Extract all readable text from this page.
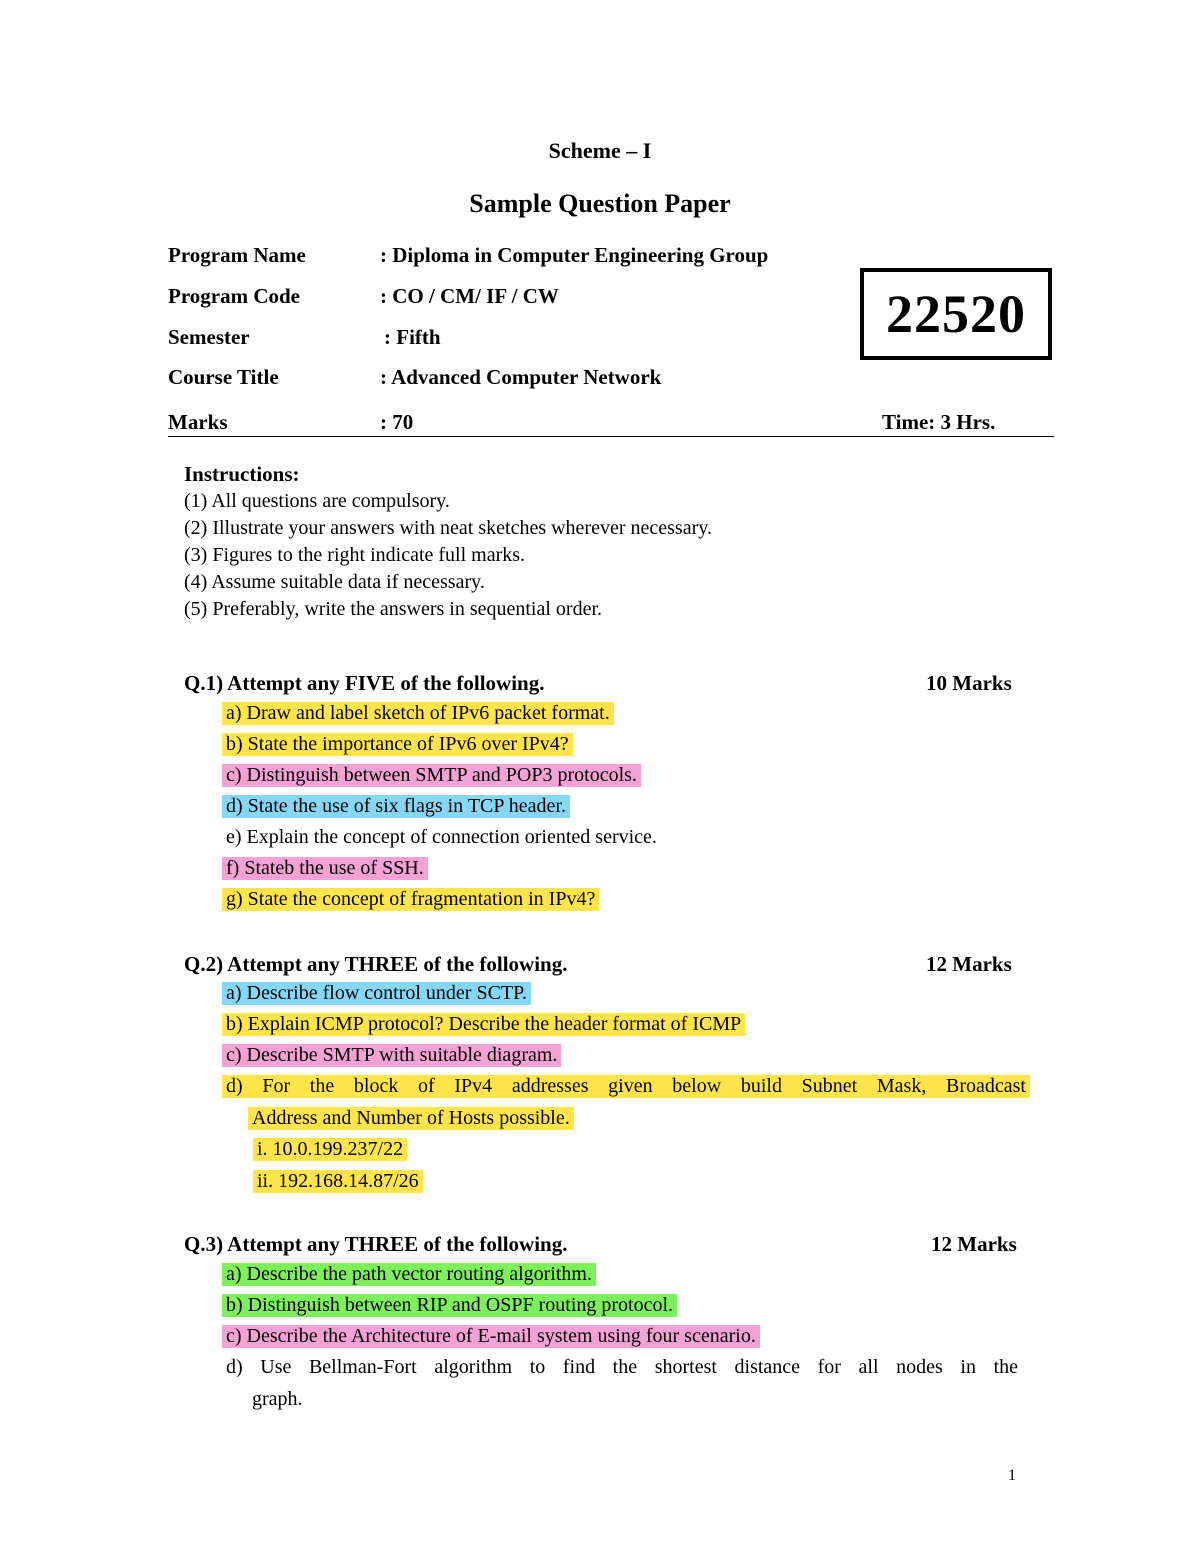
Scheme – I
Sample Question Paper
Program Name	: Diploma in Computer Engineering Group
Program Code	: CO / CM/ IF / CW
Semester	: Fifth
Course Title	: Advanced Computer Network
Marks	: 70	Time: 3 Hrs.
22520
Instructions:
(1) All questions are compulsory.
(2) Illustrate your answers with neat sketches wherever necessary.
(3) Figures to the right indicate full marks.
(4) Assume suitable data if necessary.
(5) Preferably, write the answers in sequential order.
Q.1) Attempt any FIVE of the following.	10 Marks
a) Draw and label sketch of IPv6 packet format.
b) State the importance of IPv6 over IPv4?
c) Distinguish between SMTP and POP3 protocols.
d) State the use of six flags in TCP header.
e) Explain the concept of connection oriented service.
f) Stateb the use of SSH.
g) State the concept of fragmentation in IPv4?
Q.2) Attempt any THREE of the following.	12 Marks
a) Describe flow control under SCTP.
b) Explain ICMP protocol? Describe the header format of ICMP
c) Describe SMTP with suitable diagram.
d) For the block of IPv4 addresses given below build Subnet Mask, Broadcast
Address and Number of Hosts possible.
i. 10.0.199.237/22
ii. 192.168.14.87/26
Q.3) Attempt any THREE of the following.	12 Marks
a) Describe the path vector routing algorithm.
b) Distinguish between RIP and OSPF routing protocol.
c) Describe the Architecture of E-mail system using four scenario.
d) Use Bellman-Fort algorithm to find the shortest distance for all nodes in the
graph.
1
